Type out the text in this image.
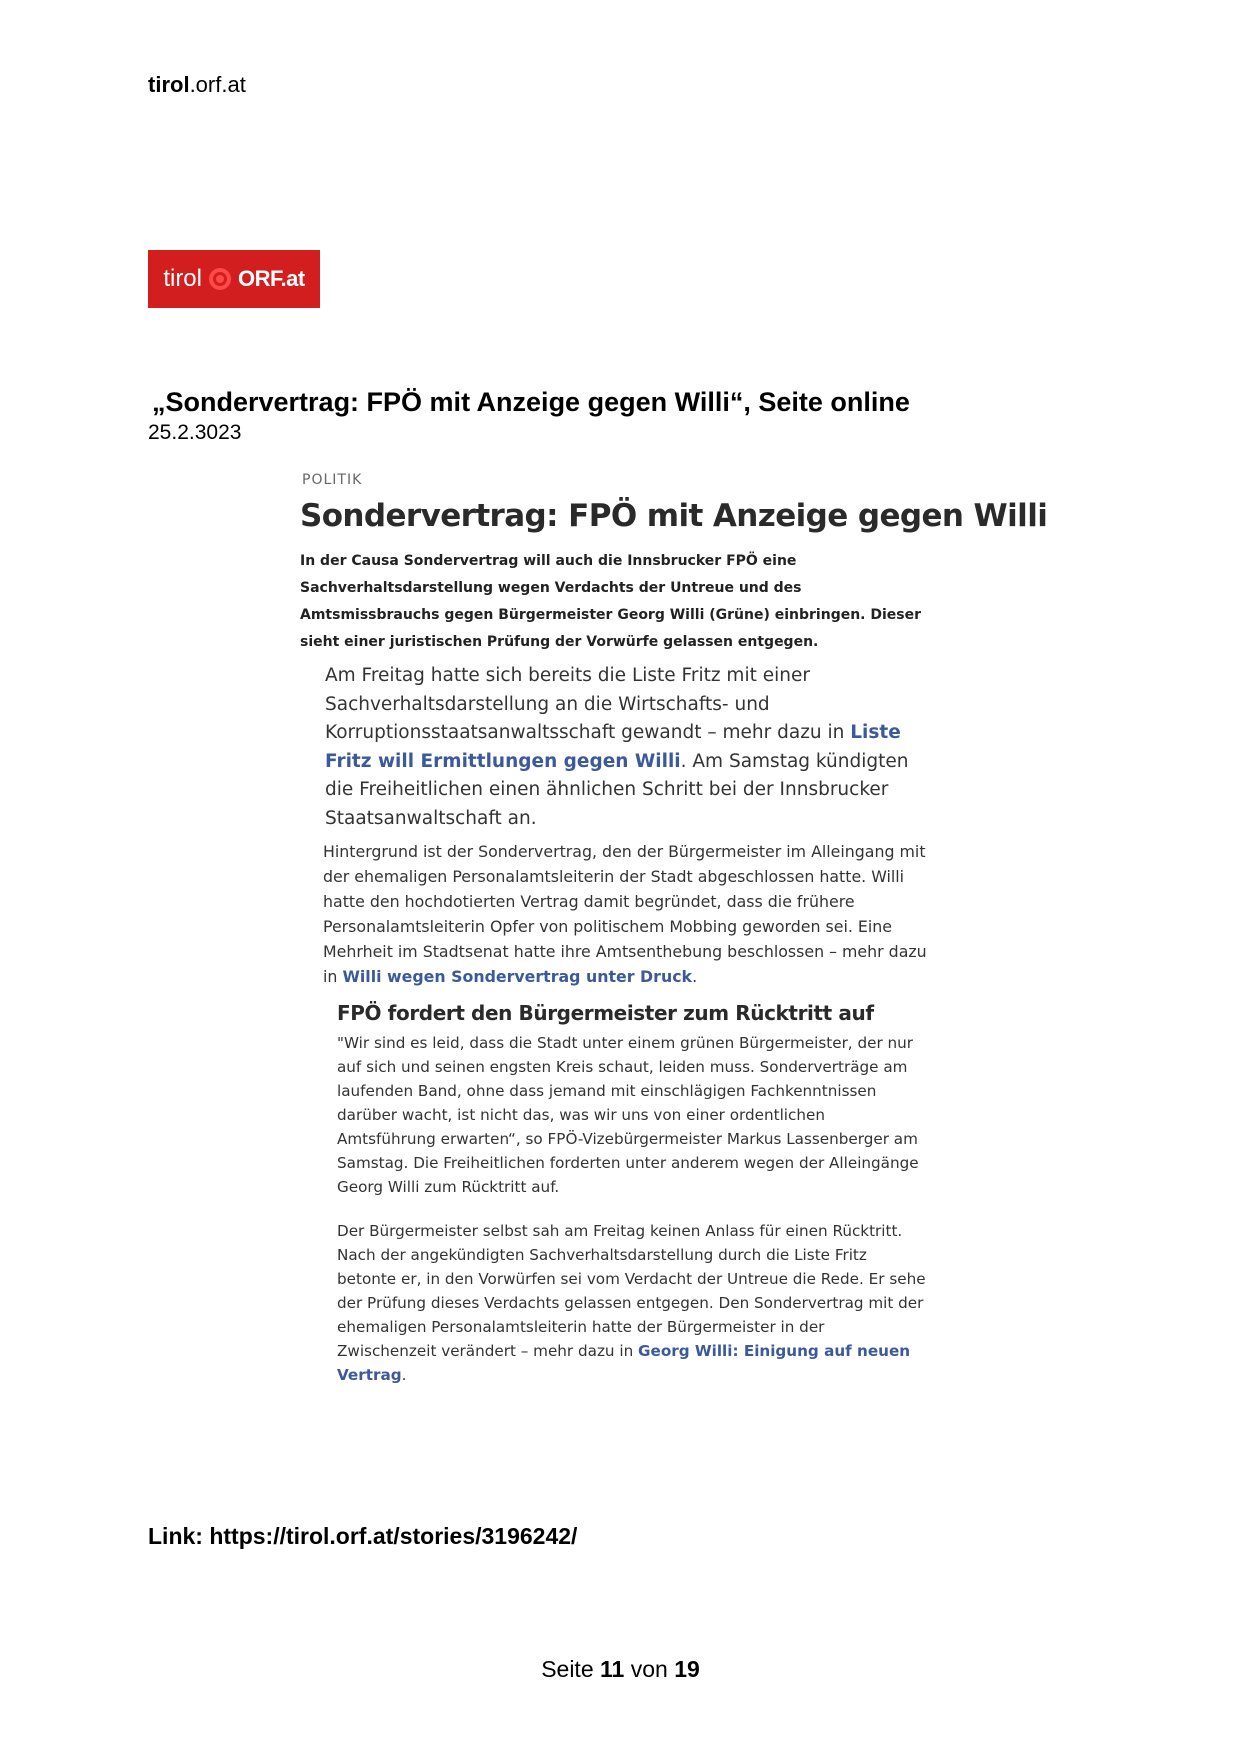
tirol.orf.at
tirol ORF.at
„Sondervertrag: FPÖ mit Anzeige gegen Willi“, Seite online
25.2.3023
POLITIK
Sondervertrag: FPÖ mit Anzeige gegen Willi
In der Causa Sondervertrag will auch die Innsbrucker FPÖ eine Sachverhaltsdarstellung wegen Verdachts der Untreue und des Amtsmissbrauchs gegen Bürgermeister Georg Willi (Grüne) einbringen. Dieser sieht einer juristischen Prüfung der Vorwürfe gelassen entgegen.
Am Freitag hatte sich bereits die Liste Fritz mit einer Sachverhaltsdarstellung an die Wirtschafts- und Korruptionsstaatsanwaltsschaft gewandt – mehr dazu in Liste Fritz will Ermittlungen gegen Willi. Am Samstag kündigten die Freiheitlichen einen ähnlichen Schritt bei der Innsbrucker Staatsanwaltschaft an.
Hintergrund ist der Sondervertrag, den der Bürgermeister im Alleingang mit der ehemaligen Personalamtsleiterin der Stadt abgeschlossen hatte. Willi hatte den hochdotierten Vertrag damit begründet, dass die frühere Personalamtsleiterin Opfer von politischem Mobbing geworden sei. Eine Mehrheit im Stadtsenat hatte ihre Amtsenthebung beschlossen – mehr dazu in Willi wegen Sondervertrag unter Druck.
FPÖ fordert den Bürgermeister zum Rücktritt auf
"Wir sind es leid, dass die Stadt unter einem grünen Bürgermeister, der nur auf sich und seinen engsten Kreis schaut, leiden muss. Sonderverträge am laufenden Band, ohne dass jemand mit einschlägigen Fachkenntnissen darüber wacht, ist nicht das, was wir uns von einer ordentlichen Amtsführung erwarten“, so FPÖ-Vizebürgermeister Markus Lassenberger am Samstag. Die Freiheitlichen forderten unter anderem wegen der Alleingänge Georg Willi zum Rücktritt auf.
Der Bürgermeister selbst sah am Freitag keinen Anlass für einen Rücktritt. Nach der angekündigten Sachverhaltsdarstellung durch die Liste Fritz betonte er, in den Vorwürfen sei vom Verdacht der Untreue die Rede. Er sehe der Prüfung dieses Verdachts gelassen entgegen. Den Sondervertrag mit der ehemaligen Personalamtsleiterin hatte der Bürgermeister in der Zwischenzeit verändert – mehr dazu in Georg Willi: Einigung auf neuen Vertrag.
Link: https://tirol.orf.at/stories/3196242/
Seite 11 von 19
